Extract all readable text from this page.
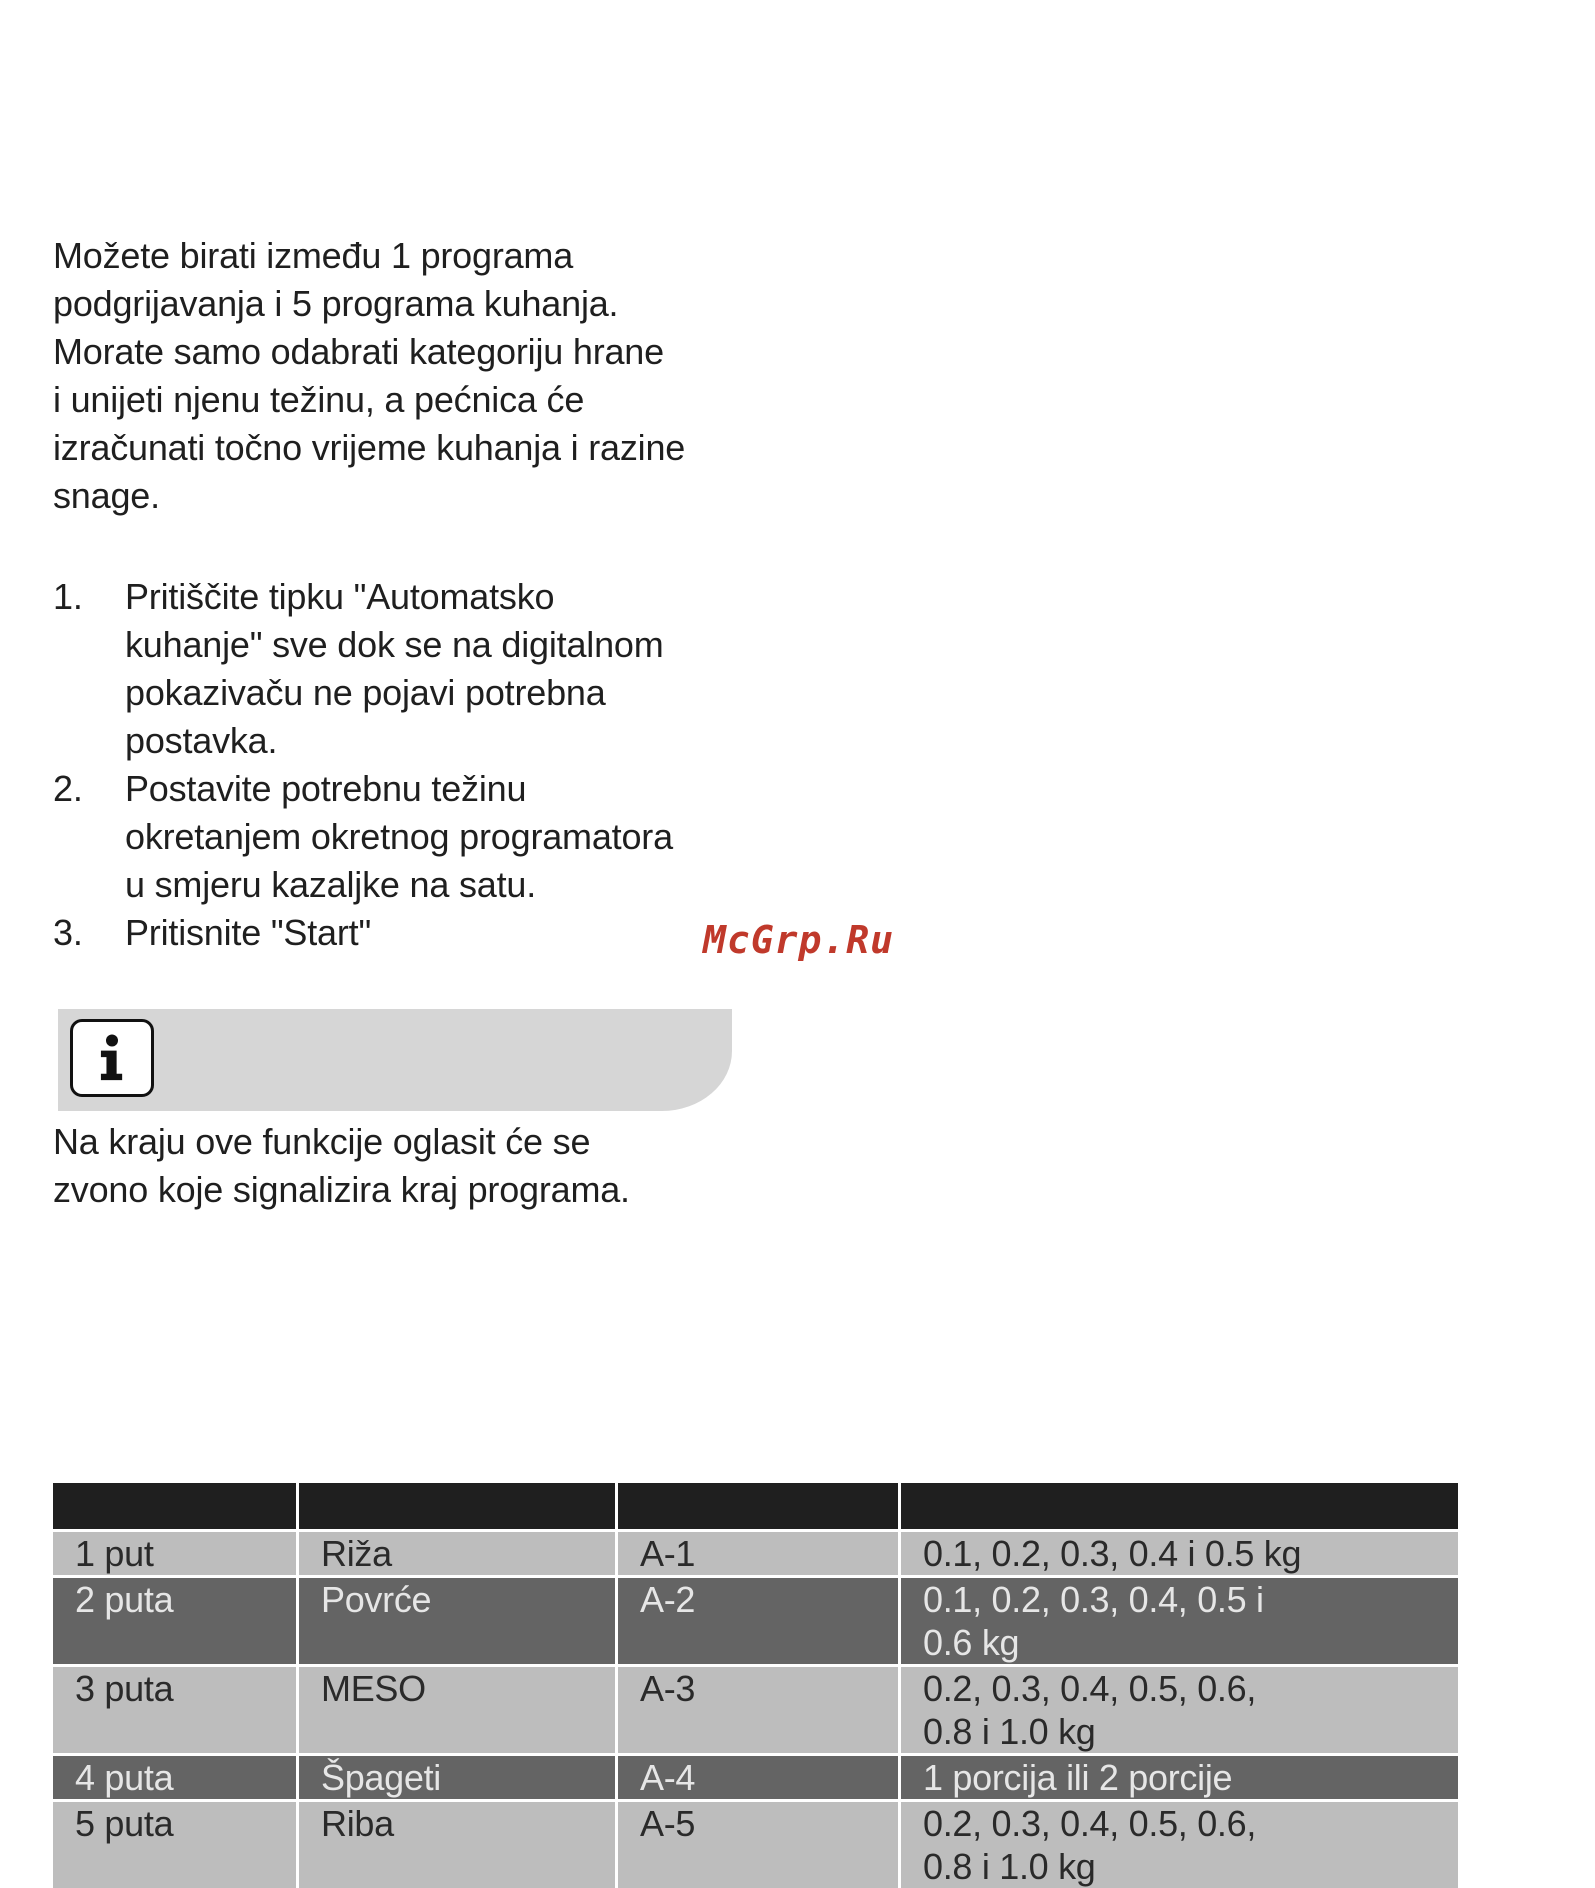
Možete birati između 1 programa
podgrijavanja i 5 programa kuhanja.
Morate samo odabrati kategoriju hrane
i unijeti njenu težinu, a pećnica će
izračunati točno vrijeme kuhanja i razine
snage.
1.	Pritiščite tipku "Automatsko
kuhanje" sve dok se na digitalnom
pokazivaču ne pojavi potrebna
postavka.
2.	Postavite potrebnu težinu
okretanjem okretnog programatora
u smjeru kazaljke na satu.
3.	Pritisnite "Start"	McGrp.Ru
Na kraju ove funkcije oglasit će se
zvono koje signalizira kraj programa.

1 put	Riža	A-1	0.1, 0.2, 0.3, 0.4 i 0.5 kg

2 puta	Povrće	A-2	0.1, 0.2, 0.3, 0.4, 0.5 i
0.6 kg

3 puta	MESO	A-3	0.2, 0.3, 0.4, 0.5, 0.6,
0.8 i 1.0 kg

4 puta	Špageti	A-4	1 porcija ili 2 porcije

5 puta	Riba	A-5	0.2, 0.3, 0.4, 0.5, 0.6,
0.8 i 1.0 kg
